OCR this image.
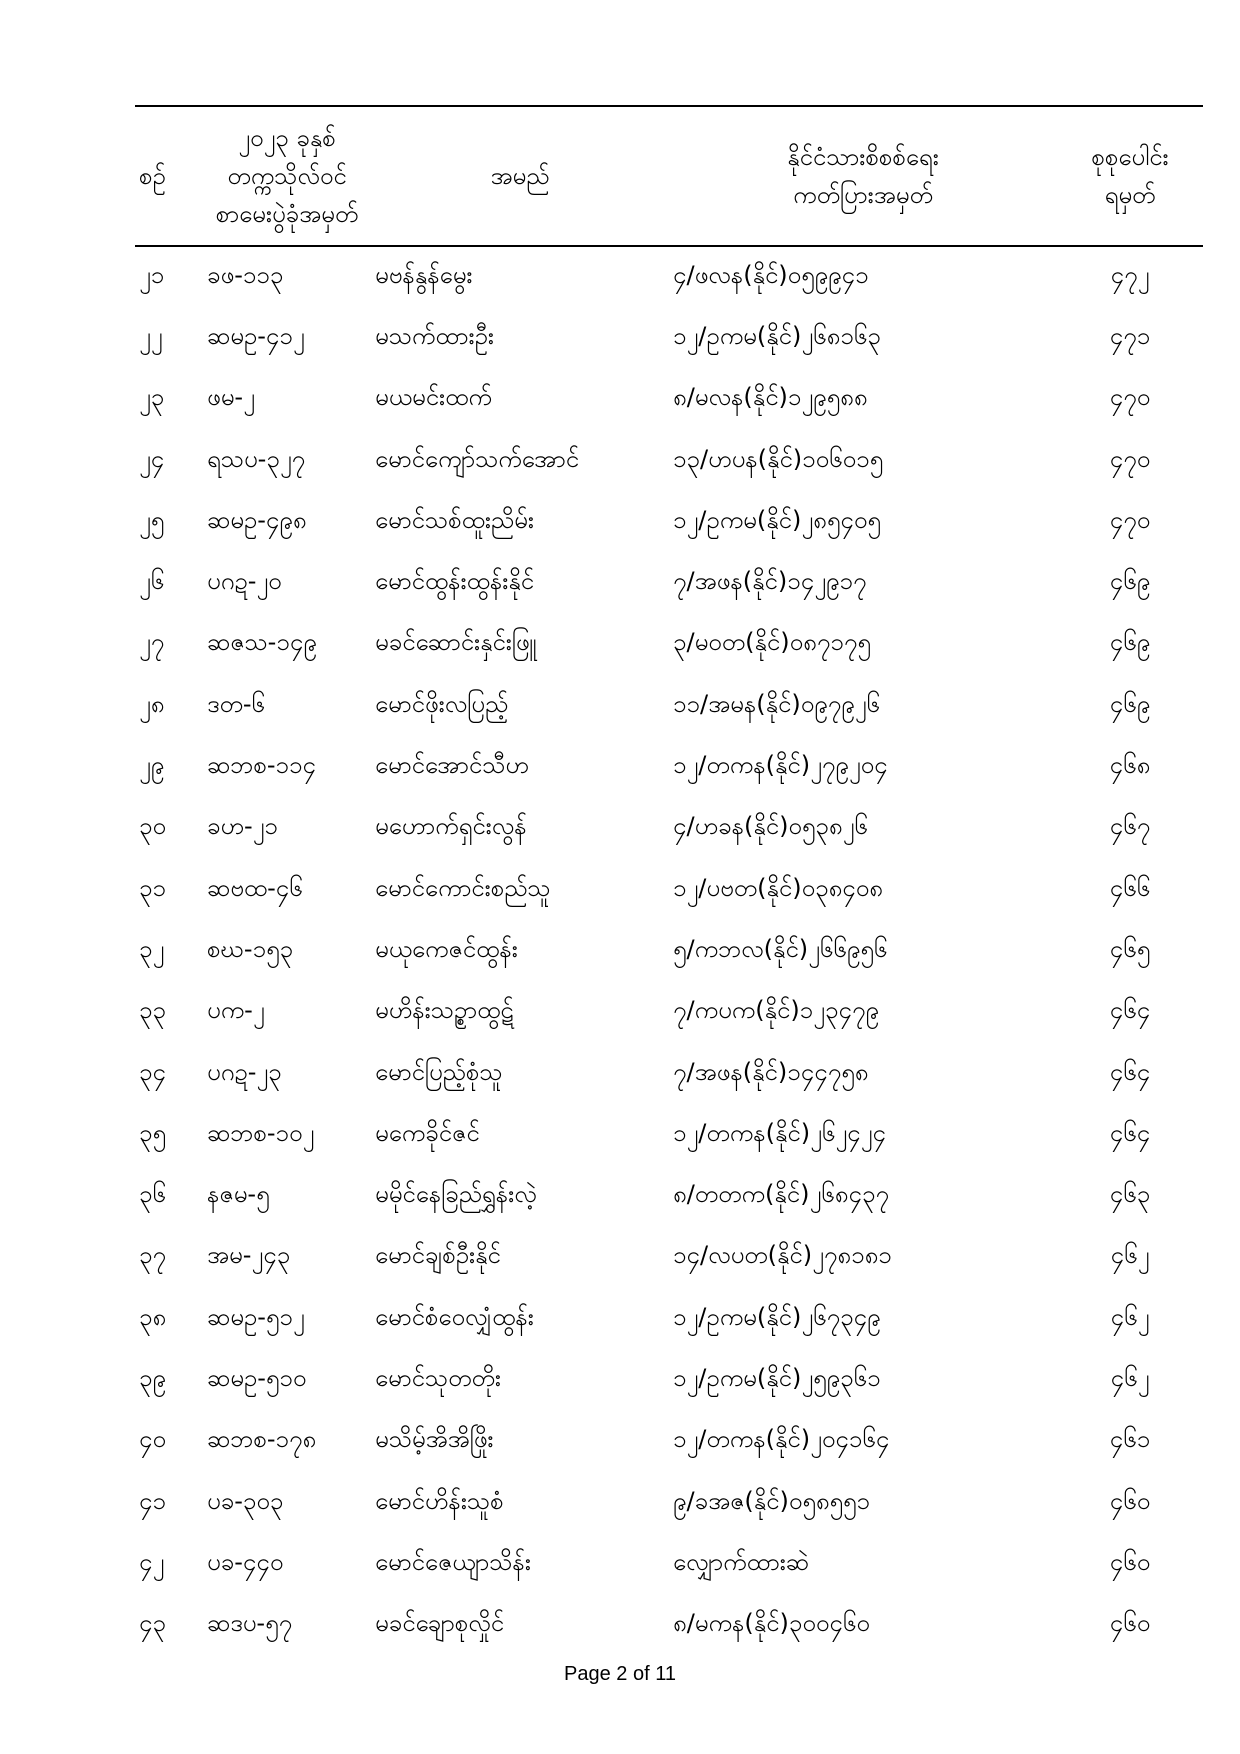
စဉ်	၂၀၂၃ ခုနှစ်
တက္ကသိုလ်ဝင်
စာမေးပွဲခုံအမှတ်	အမည်	နိုင်ငံသားစိစစ်ရေး
ကတ်ပြားအမှတ်	စုစုပေါင်း
ရမှတ်
၂၁	ခဖ-၁၁၃	မဗန်နွန်မွေး	၄/ဖလန(နိုင်)၀၅၉၉၄၁	၄၇၂
၂၂	ဆမဥ-၄၁၂	မသက်ထားဦး	၁၂/ဥကမ(နိုင်)၂၆၈၁၆၃	၄၇၁
၂၃	ဖမ-၂	မယမင်းထက်	၈/မလန(နိုင်)၁၂၉၅၈၈	၄၇၀
၂၄	ရသပ-၃၂၇	မောင်ကျော်သက်အောင်	၁၃/ဟပန(နိုင်)၁၀၆၀၁၅	၄၇၀
၂၅	ဆမဥ-၄၉၈	မောင်သစ်ထူးညိမ်း	၁၂/ဥကမ(နိုင်)၂၈၅၄၀၅	၄၇၀
၂၆	ပဂဍ-၂၀	မောင်ထွန်းထွန်းနိုင်	၇/အဖန(နိုင်)၁၄၂၉၁၇	၄၆၉
၂၇	ဆဇသ-၁၄၉	မခင်ဆောင်းနှင်းဖြူ	၃/မ၀တ(နိုင်)၀၈၇၁၇၅	၄၆၉
၂၈	ဒတ-၆	မောင်ဖိုးလပြည့်	၁၁/အမန(နိုင်)၀၉၇၉၂၆	၄၆၉
၂၉	ဆဘစ-၁၁၄	မောင်အောင်သီဟ	၁၂/တကန(နိုင်)၂၇၉၂၀၄	၄၆၈
၃၀	ခဟ-၂၁	မဟောက်ရှင်းလွန်	၄/ဟခန(နိုင်)၀၅၃၈၂၆	၄၆၇
၃၁	ဆဗထ-၄၆	မောင်ကောင်းစည်သူ	၁၂/ပဗတ(နိုင်)၀၃၈၄၀၈	၄၆၆
၃၂	စဃ-၁၅၃	မယုကေဇင်ထွန်း	၅/ကဘလ(နိုင်)၂၆၆၉၅၆	၄၆၅
၃၃	ပက-၂	မဟိန်းသဥ္စာထွဋ်	၇/ကပက(နိုင်)၁၂၃၄၇၉	၄၆၄
၃၄	ပဂဍ-၂၃	မောင်ပြည့်စုံသူ	၇/အဖန(နိုင်)၁၄၄၇၅၈	၄၆၄
၃၅	ဆဘစ-၁၀၂	မကေခိုင်ဇင်	၁၂/တကန(နိုင်)၂၆၂၄၂၄	၄၆၄
၃၆	နဇမ-၅	မမိုင်နေခြည်ရွှန်းလဲ့	၈/တတက(နိုင်)၂၆၈၄၃၇	၄၆၃
၃၇	အမ-၂၄၃	မောင်ချစ်ဦးနိုင်	၁၄/လပတ(နိုင်)၂၇၈၁၈၁	၄၆၂
၃၈	ဆမဥ-၅၁၂	မောင်စံဝေလျှံထွန်း	၁၂/ဥကမ(နိုင်)၂၆၇၃၄၉	၄၆၂
၃၉	ဆမဥ-၅၁၀	မောင်သုတတိုး	၁၂/ဥကမ(နိုင်)၂၅၉၃၆၁	၄၆၂
၄၀	ဆဘစ-၁၇၈	မသိမ့်အိအိဖြိုး	၁၂/တကန(နိုင်)၂၀၄၁၆၄	၄၆၁
၄၁	ပခ-၃၀၃	မောင်ဟိန်းသူစံ	၉/ခအဇ(နိုင်)၀၅၈၅၅၁	၄၆၀
၄၂	ပခ-၄၄၀	မောင်ဇေယျာသိန်း	လျှောက်ထားဆဲ	၄၆၀
၄၃	ဆဒပ-၅၇	မခင်ချောစုလှိုင်	၈/မကန(နိုင်)၃၀၀၄၆၀	၄၆၀
Page 2 of 11
